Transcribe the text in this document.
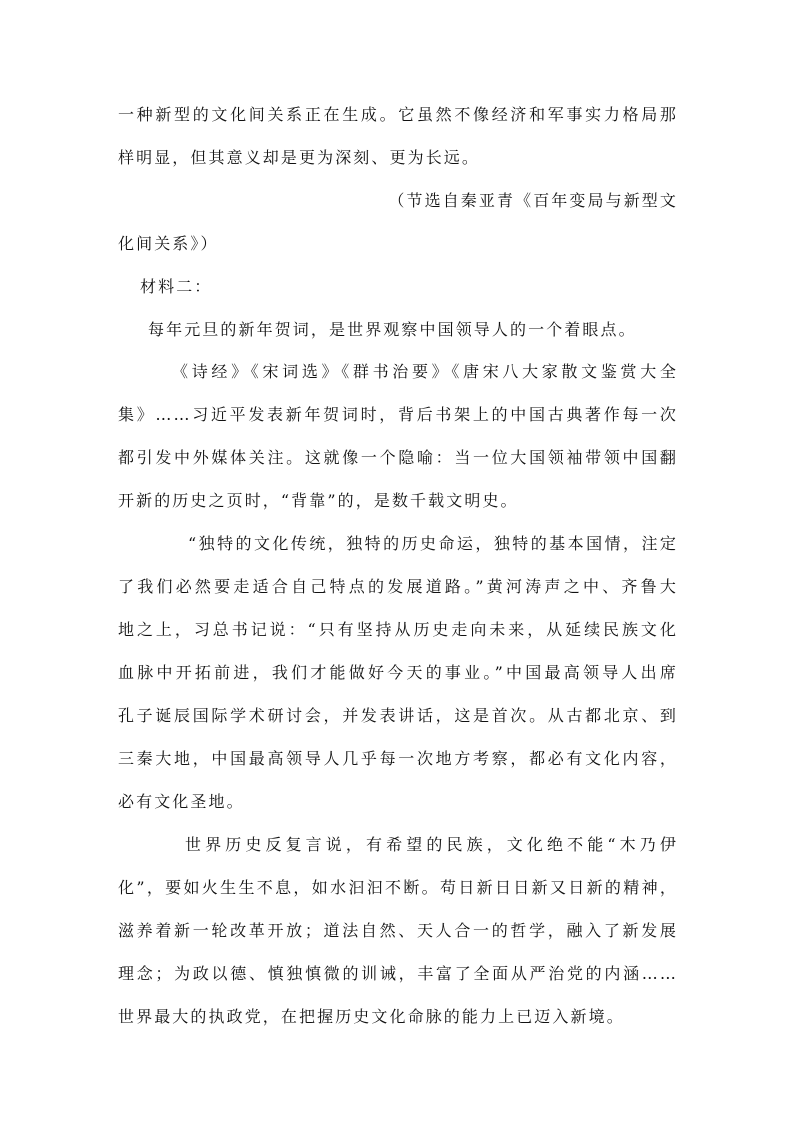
一种新型的文化间关系正在生成。它虽然不像经济和军事实力格局那
样明显，但其意义却是更为深刻、更为长远。
（节选自秦亚青《百年变局与新型文
化间关系》）
材料二：
每年元旦的新年贺词，是世界观察中国领导人的一个着眼点。
《诗经》《宋词选》《群书治要》《唐宋八大家散文鉴赏大全
集》……习近平发表新年贺词时，背后书架上的中国古典著作每一次
都引发中外媒体关注。这就像一个隐喻：当一位大国领袖带领中国翻
开新的历史之页时，“背靠”的，是数千载文明史。
“独特的文化传统，独特的历史命运，独特的基本国情，注定
了我们必然要走适合自己特点的发展道路。”黄河涛声之中、齐鲁大
地之上，习总书记说：“只有坚持从历史走向未来，从延续民族文化
血脉中开拓前进，我们才能做好今天的事业。”中国最高领导人出席
孔子诞辰国际学术研讨会，并发表讲话，这是首次。从古都北京、到
三秦大地，中国最高领导人几乎每一次地方考察，都必有文化内容，
必有文化圣地。
世界历史反复言说，有希望的民族，文化绝不能“木乃伊
化”，要如火生生不息，如水汩汩不断。苟日新日日新又日新的精神，
滋养着新一轮改革开放；道法自然、天人合一的哲学，融入了新发展
理念；为政以德、慎独慎微的训诫，丰富了全面从严治党的内涵……
世界最大的执政党，在把握历史文化命脉的能力上已迈入新境。
